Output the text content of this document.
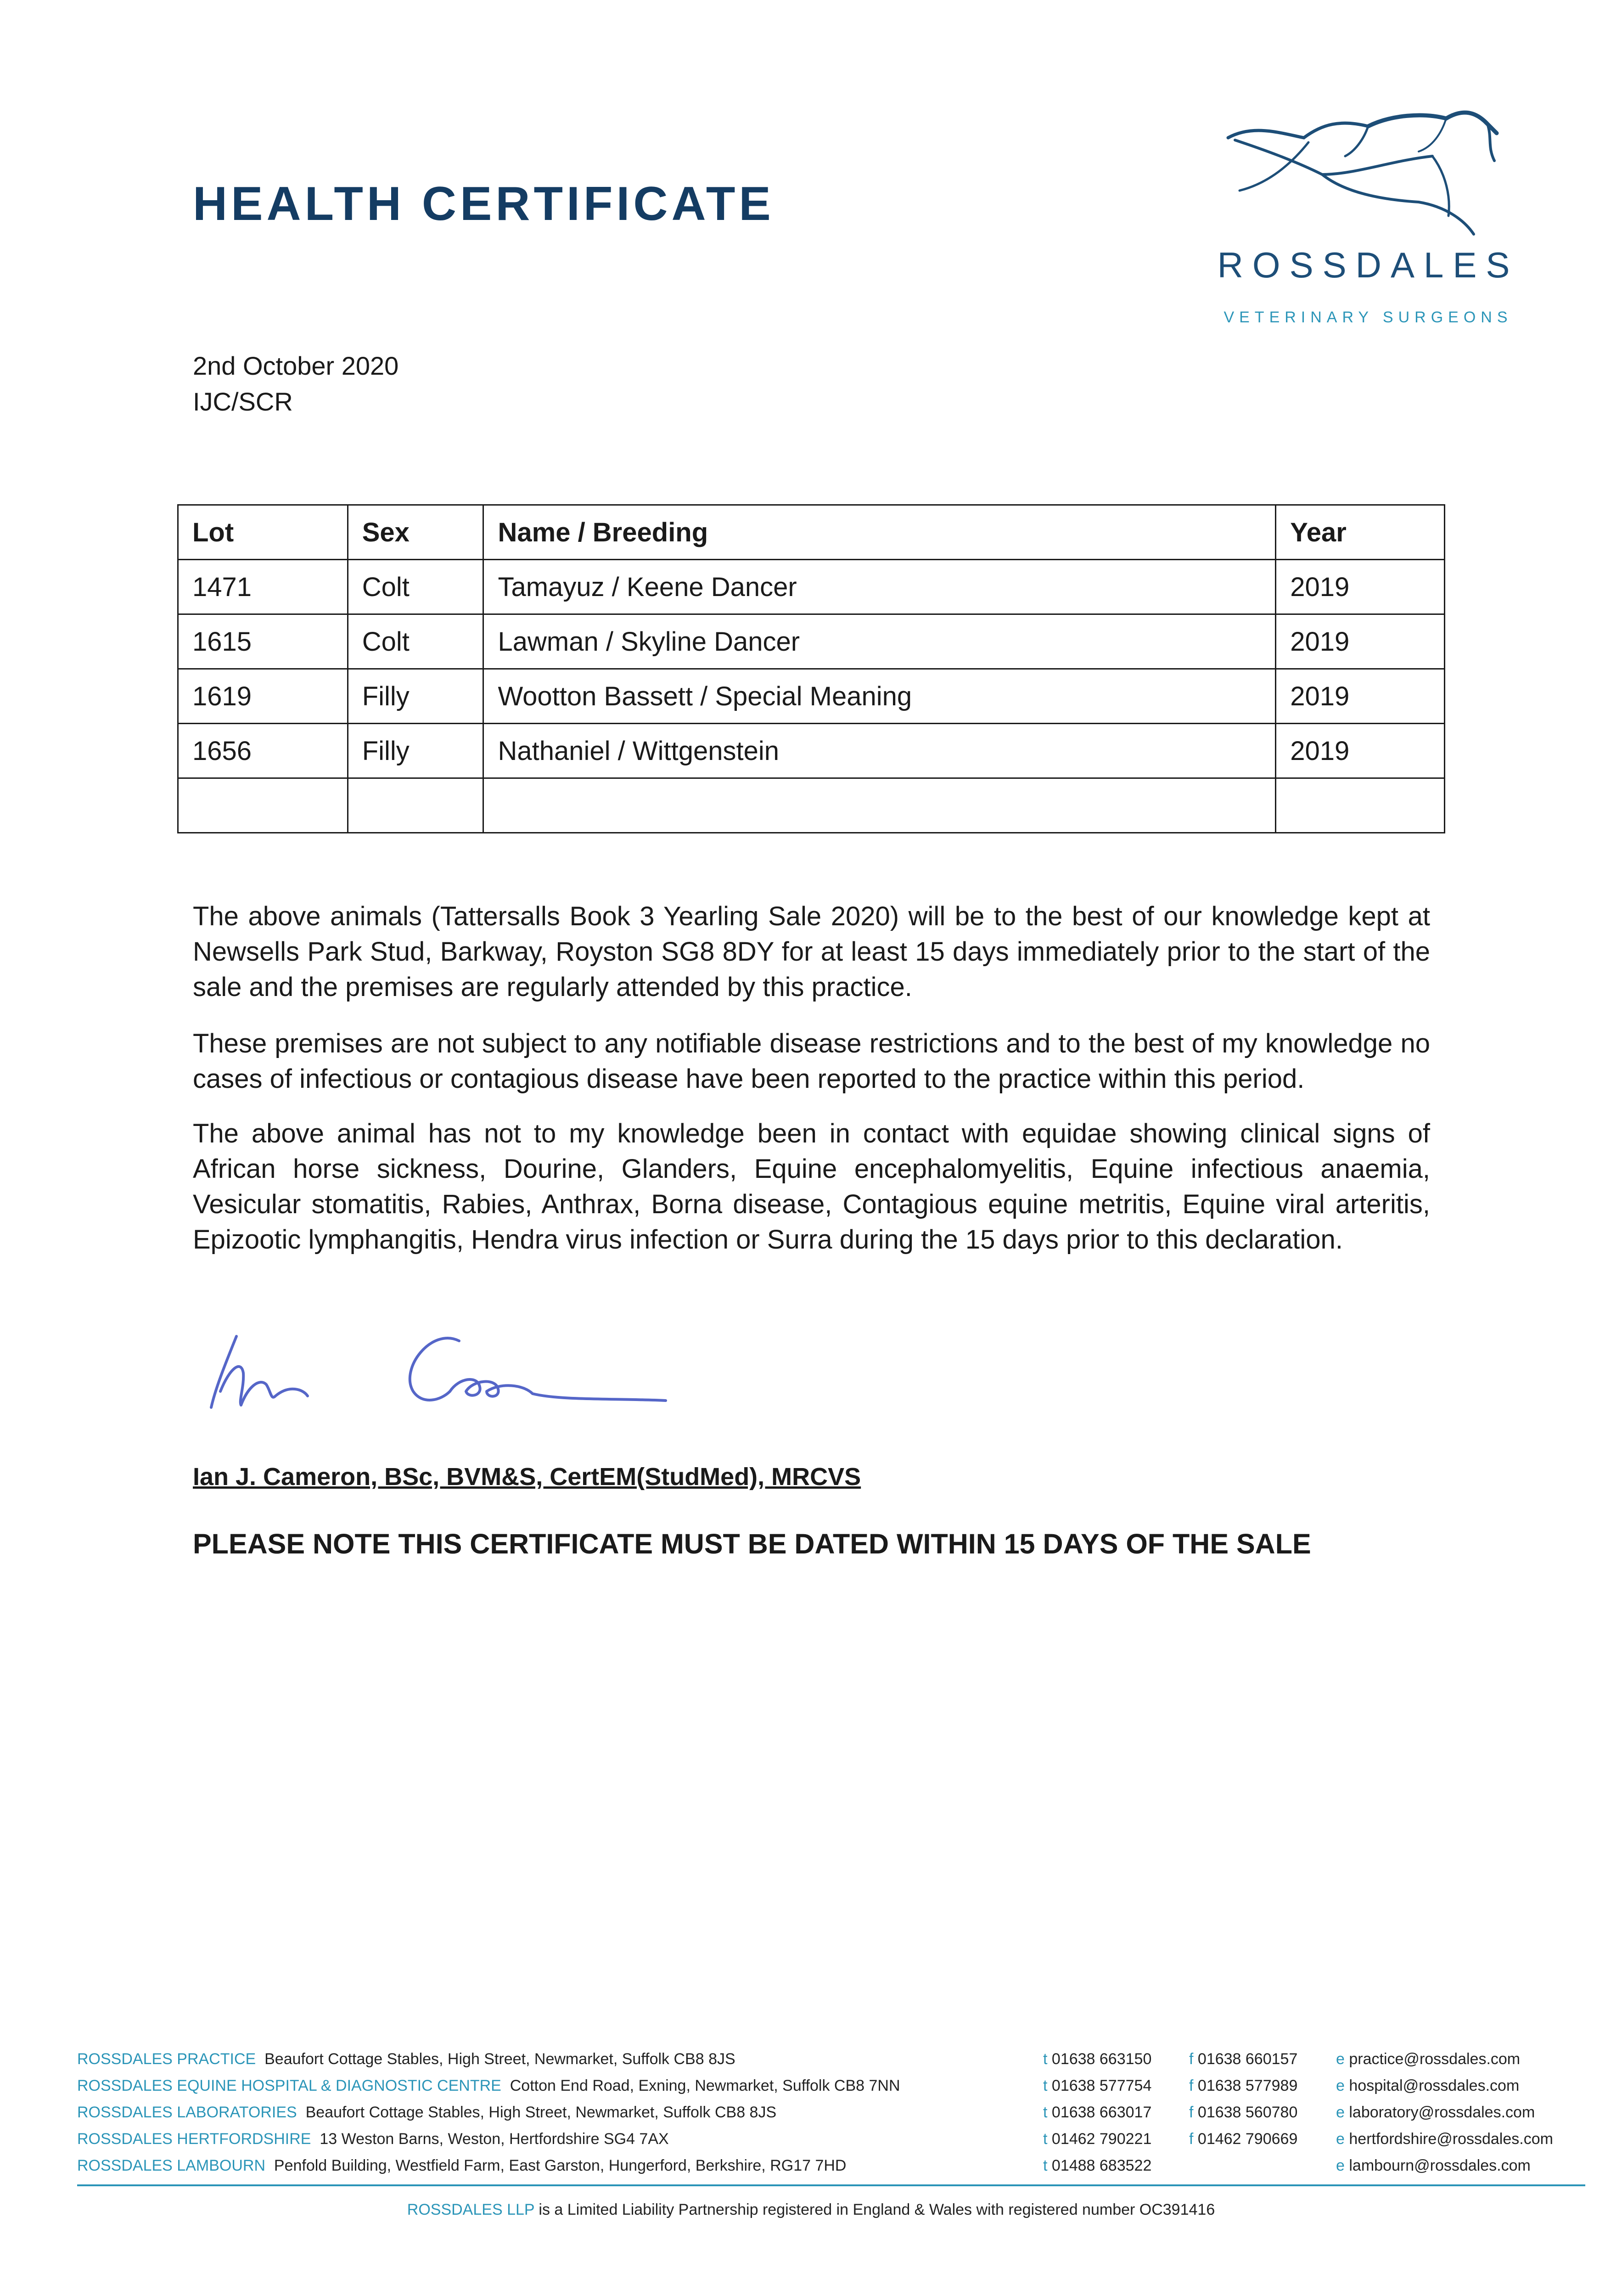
HEALTH CERTIFICATE
ROSSDALES
VETERINARY SURGEONS
2nd October 2020
IJC/SCR
Lot	Sex	Name / Breeding	Year
1471	Colt	Tamayuz / Keene Dancer	2019
1615	Colt	Lawman / Skyline Dancer	2019
1619	Filly	Wootton Bassett / Special Meaning	2019
1656	Filly	Nathaniel / Wittgenstein	2019

The above animals (Tattersalls Book 3 Yearling Sale 2020) will be to the best of our knowledge kept at Newsells Park Stud, Barkway, Royston SG8 8DY for at least 15 days immediately prior to the start of the sale and the premises are regularly attended by this practice.
These premises are not subject to any notifiable disease restrictions and to the best of my knowledge no cases of infectious or contagious disease have been reported to the practice within this period.
The above animal has not to my knowledge been in contact with equidae showing clinical signs of African horse sickness, Dourine, Glanders, Equine encephalomyelitis, Equine infectious anaemia, Vesicular stomatitis, Rabies, Anthrax, Borna disease, Contagious equine metritis, Equine viral arteritis, Epizootic lymphangitis, Hendra virus infection or Surra during the 15 days prior to this declaration.
Ian J. Cameron, BSc, BVM&S, CertEM(StudMed), MRCVS
PLEASE NOTE THIS CERTIFICATE MUST BE DATED WITHIN 15 DAYS OF THE SALE
ROSSDALES PRACTICE Beaufort Cottage Stables, High Street, Newmarket, Suffolk CB8 8JS	t 01638 663150 f 01638 660157 e practice@rossdales.com
ROSSDALES EQUINE HOSPITAL & DIAGNOSTIC CENTRE Cotton End Road, Exning, Newmarket, Suffolk CB8 7NN	t 01638 577754 f 01638 577989 e hospital@rossdales.com
ROSSDALES LABORATORIES Beaufort Cottage Stables, High Street, Newmarket, Suffolk CB8 8JS	t 01638 663017 f 01638 560780 e laboratory@rossdales.com
ROSSDALES HERTFORDSHIRE 13 Weston Barns, Weston, Hertfordshire SG4 7AX	t 01462 790221 f 01462 790669 e hertfordshire@rossdales.com
ROSSDALES LAMBOURN Penfold Building, Westfield Farm, East Garston, Hungerford, Berkshire, RG17 7HD	t 01488 683522	e lambourn@rossdales.com
ROSSDALES LLP is a Limited Liability Partnership registered in England & Wales with registered number OC391416
